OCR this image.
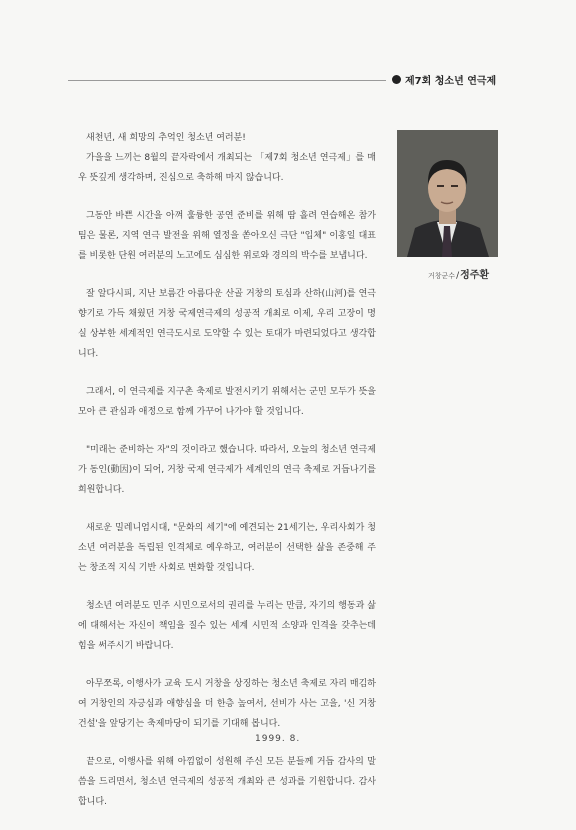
제7회 청소년 연극제
거창군수/정주환

새천년, 새 희망의 추억인 청소년 여러분!

가을을 느끼는 8월의 끝자락에서 개최되는 「제7회 청소년 연극제」를 매우 뜻깊게 생각하며, 진심으로 축하해 마지 않습니다.

그동안 바쁜 시간을 아껴 훌륭한 공연 준비를 위해 땀 흘려 연습해온 참가 팀은 물론, 지역 연극 발전을 위해 열정을 쏟아오신 극단 "입체" 이홍일 대표를 비롯한 단원 여러분의 노고에도 심심한 위로와 경의의 박수를 보냅니다.

잘 알다시피, 지난 보름간 아름다운 산골 거창의 토심과 산하(山河)를 연극 향기로 가득 채웠던 거창 국제연극제의 성공적 개최로 이제, 우리 고장이 명실 상부한 세계적인 연극도시로 도약할 수 있는 토대가 마련되었다고 생각합니다.

그래서, 이 연극제를 지구촌 축제로 발전시키기 위해서는 군민 모두가 뜻을 모아 큰 관심과 애정으로 함께 가꾸어 나가야 할 것입니다.

"미래는 준비하는 자"의 것이라고 했습니다. 따라서, 오늘의 청소년 연극제가 동인(動因)이 되어, 거창 국제 연극제가 세계인의 연극 축제로 거듭나기를 희원합니다.

새로운 밀레니엄시대, "문화의 세기"에 예견되는 21세기는, 우리사회가 청소년 여러분을 독립된 인격체로 예우하고, 여러분이 선택한 삶을 존중해 주는 창조적 지식 기반 사회로 변화할 것입니다.

청소년 여러분도 민주 시민으로서의 권리를 누리는 만큼, 자기의 행동과 삶에 대해서는 자신이 책임을 질수 있는 세계 시민적 소양과 인격을 갖추는데 힘을 써주시기 바랍니다.

아무쪼록, 이행사가 교육 도시 거창을 상징하는 청소년 축제로 자리 매김하여 거창인의 자긍심과 애향심을 더 한층 높여서, 선비가 사는 고을, '신 거창 건설'을 앞당기는 축제마당이 되기를 기대해 봅니다.

끝으로, 이행사를 위해 아낌없이 성원해 주신 모든 분들께 거듭 감사의 말씀을 드리면서, 청소년 연극제의 성공적 개최와 큰 성과를 기원합니다. 감사합니다.

1999. 8.
